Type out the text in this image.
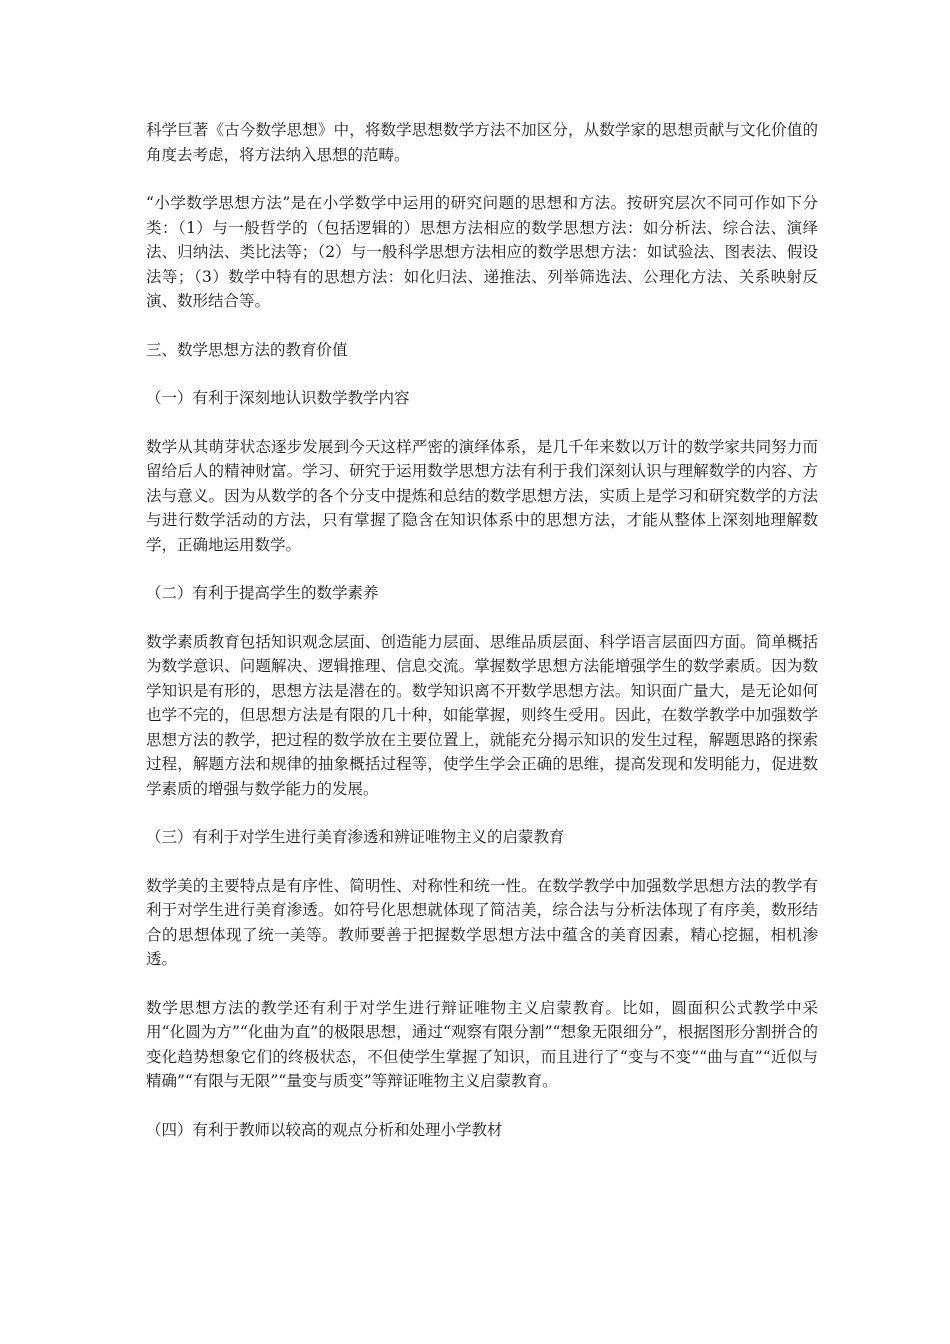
科学巨著《古今数学思想》中，将数学思想数学方法不加区分，从数学家的思想贡献与文化价值的角度去考虑，将方法纳入思想的范畴。

“小学数学思想方法”是在小学数学中运用的研究问题的思想和方法。按研究层次不同可作如下分类：（1）与一般哲学的（包括逻辑的）思想方法相应的数学思想方法：如分析法、综合法、演绎法、归纳法、类比法等；（2）与一般科学思想方法相应的数学思想方法：如试验法、图表法、假设法等；（3）数学中特有的思想方法：如化归法、递推法、列举筛选法、公理化方法、关系映射反演、数形结合等。

三、数学思想方法的教育价值

（一）有利于深刻地认识数学教学内容

数学从其萌芽状态逐步发展到今天这样严密的演绎体系，是几千年来数以万计的数学家共同努力而留给后人的精神财富。学习、研究于运用数学思想方法有利于我们深刻认识与理解数学的内容、方法与意义。因为从数学的各个分支中提炼和总结的数学思想方法，实质上是学习和研究数学的方法与进行数学活动的方法，只有掌握了隐含在知识体系中的思想方法，才能从整体上深刻地理解数学，正确地运用数学。

（二）有利于提高学生的数学素养

数学素质教育包括知识观念层面、创造能力层面、思维品质层面、科学语言层面四方面。简单概括为数学意识、问题解决、逻辑推理、信息交流。掌握数学思想方法能增强学生的数学素质。因为数学知识是有形的，思想方法是潜在的。数学知识离不开数学思想方法。知识面广量大，是无论如何也学不完的，但思想方法是有限的几十种，如能掌握，则终生受用。因此，在数学教学中加强数学思想方法的教学，把过程的数学放在主要位置上，就能充分揭示知识的发生过程，解题思路的探索过程，解题方法和规律的抽象概括过程等，使学生学会正确的思维，提高发现和发明能力，促进数学素质的增强与数学能力的发展。

（三）有利于对学生进行美育渗透和辨证唯物主义的启蒙教育

数学美的主要特点是有序性、简明性、对称性和统一性。在数学教学中加强数学思想方法的教学有利于对学生进行美育渗透。如符号化思想就体现了简洁美，综合法与分析法体现了有序美，数形结合的思想体现了统一美等。教师要善于把握数学思想方法中蕴含的美育因素，精心挖掘，相机渗透。

数学思想方法的教学还有利于对学生进行辩证唯物主义启蒙教育。比如，圆面积公式教学中采用“化圆为方”“化曲为直”的极限思想，通过“观察有限分割”“想象无限细分”，根据图形分割拼合的变化趋势想象它们的终极状态，不但使学生掌握了知识，而且进行了“变与不变”“曲与直”“近似与精确”“有限与无限”“量变与质变”等辩证唯物主义启蒙教育。

（四）有利于教师以较高的观点分析和处理小学教材
